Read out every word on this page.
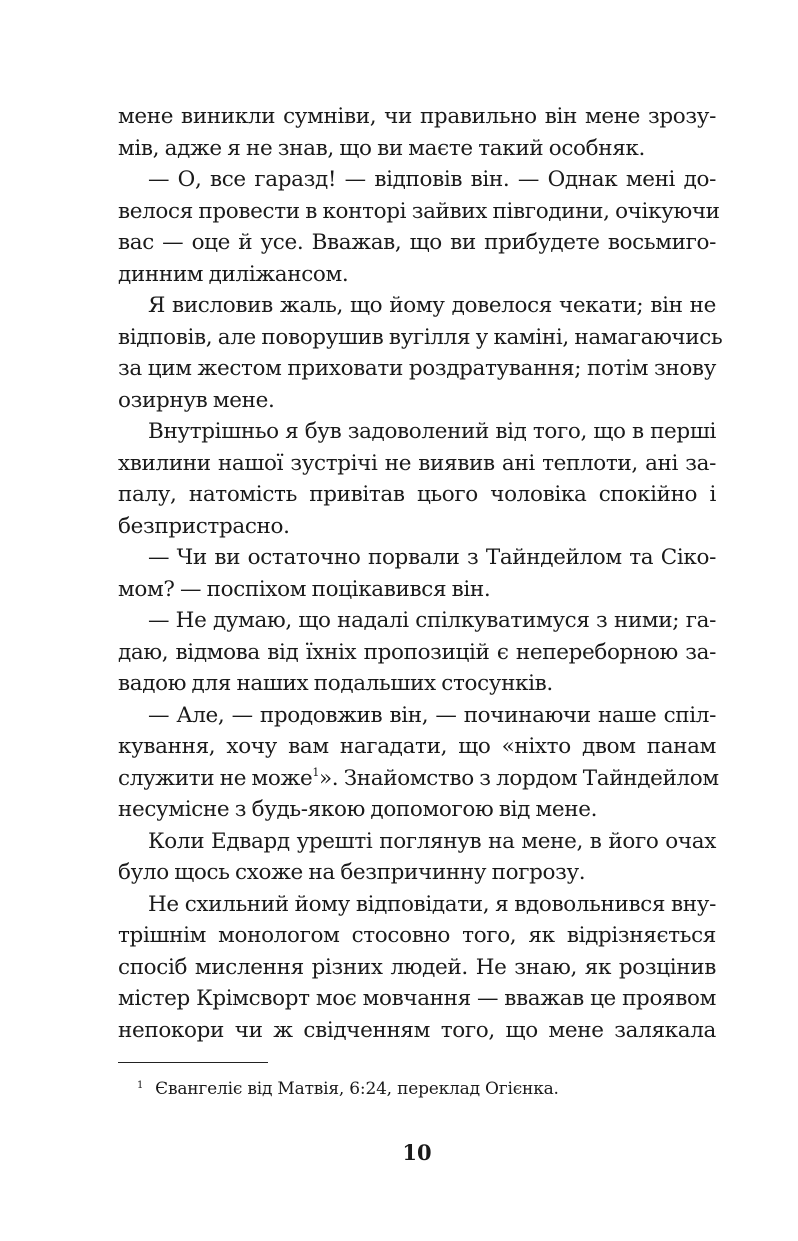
мене виникли сумніви, чи правильно він мене зрозу-
мів, адже я не знав, що ви маєте такий особняк.
— О, все гаразд! — відповів він. — Однак мені до-
велося провести в конторі зайвих півгодини, очікуючи
вас — оце й усе. Вважав, що ви прибудете восьмиго-
динним диліжансом.
Я висловив жаль, що йому довелося чекати; він не
відповів, але поворушив вугілля у каміні, намагаючись
за цим жестом приховати роздратування; потім знову
озирнув мене.
Внутрішньо я був задоволений від того, що в перші
хвилини нашої зустрічі не виявив ані теплоти, ані за-
палу, натомість привітав цього чоловіка спокійно і
безпристрасно.
— Чи ви остаточно порвали з Тайндейлом та Сіко-
мом? — поспіхом поцікавився він.
— Не думаю, що надалі спілкуватимуся з ними; га-
даю, відмова від їхніх пропозицій є непереборною за-
вадою для наших подальших стосунків.
— Але, — продовжив він, — починаючи наше спіл-
кування, хочу вам нагадати, що «ніхто двом панам
служити не може$^1$». Знайомство з лордом Тайндейлом
несумісне з будь-якою допомогою від мене.
Коли Едвард урешті поглянув на мене, в його очах
було щось схоже на безпричинну погрозу.
Не схильний йому відповідати, я вдовольнився вну-
трішнім монологом стосовно того, як відрізняється
спосіб мислення різних людей. Не знаю, як розцінив
містер Крімсворт моє мовчання — вважав це проявом
непокори чи ж свідченням того, що мене залякала
$^1$ Євангеліє від Матвія, 6:24, переклад Огієнка.
10
